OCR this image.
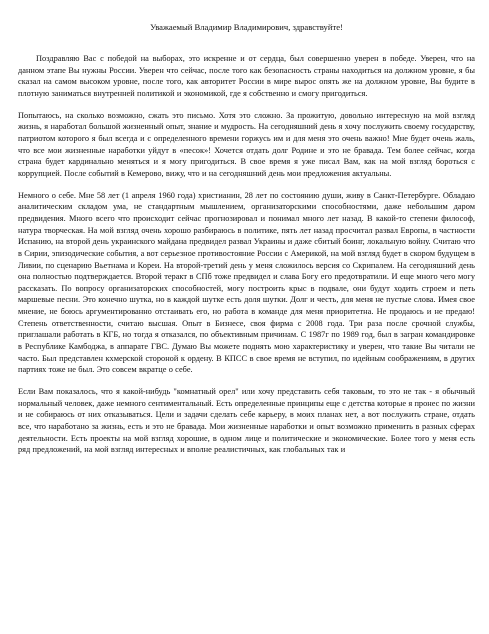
Уважаемый Владимир Владимирович, здравствуйте!

Поздравляю Вас с победой на выборах, это искренне и от сердца, был совершенно уверен в победе. Уверен, что на данном этапе Вы нужны России. Уверен что сейчас, после того как безопасность страны находиться на должном уровне, я бы сказал на самом высоком уровне, после того, как авторитет России в мире вырос опять же на должном уровне, Вы будите в плотную заниматься внутренней политикой и экономикой, где я собственно и смогу пригодиться.

Попытаюсь, на сколько возможно, сжать это письмо. Хотя это сложно. За прожитую, довольно интересную на мой взгляд жизнь, я наработал большой жизненный опыт, знание и мудрость. На сегодняшний день я хочу послужить своему государству, патриотом которого я был всегда и с определенного времени горжусь им и для меня это очень важно! Мне будет очень жаль, что все мои жизненные наработки уйдут в «песок»! Хочется отдать долг Родине и это не бравада. Тем более сейчас, когда страна будет кардинально меняться и я могу пригодиться. В свое время я уже писал Вам, как на мой взгляд бороться с коррупцией. После событий в Кемерово, вижу, что и на сегодняшний день мои предложения актуальны.

Немного о себе. Мне 58 лет (1 апреля 1960 года) христианин, 28 лет по состоянию души, живу в Санкт-Петербурге. Обладаю аналитическим складом ума, не стандартным мышлением, организаторскими способностями, даже небольшим даром предвидения. Много всего что происходит сейчас прогнозировал и понимал много лет назад. В какой-то степени философ, натура творческая. На мой взгляд очень хорошо разбираюсь в политике, пять лет назад просчитал развал Европы, в частности Испанию, на второй день украинского майдана предвидел развал Украины и даже сбитый боинг, локальную войну. Считаю что в Сирии, эпизодические события, а вот серьезное противостояние России с Америкой, на мой взгляд будет в скором будущем в Ливии, по сценарию Вьетнама и Кореи. На второй-третий день у меня сложилось версия со Скрипалем. На сегодняшний день она полностью подтверждается. Второй теракт в СПб тоже предвидел и слава Богу его предотвратили. И еще много чего могу рассказать. По вопросу организаторских способностей, могу построить крыс в подвале, они будут ходить строем и петь маршевые песни. Это конечно шутка, но в каждой шутке есть доля шутки. Долг и честь, для меня не пустые слова. Имея свое мнение, не боюсь аргументированно отстаивать его, но работа в команде для меня приоритетна. Не продаюсь и не предаю! Степень ответственности, считаю высшая. Опыт в Бизнесе, своя фирма с 2008 года. Три раза после срочной службы, приглашали работать в КГБ, но тогда я отказался, по объективным причинам. С 1987г по 1989 год, был в загран командировке в Республике Камбоджа, в аппарате ГВС. Думаю Вы можете поднять мою характеристику и уверен, что такие Вы читали не часто. Был представлен кхмерской стороной к ордену. В КПСС в свое время не вступил, по идейным соображениям, в других партиях тоже не был. Это совсем вкратце о себе.

Если Вам показалось, что я какой-нибудь "комнатный орел" или хочу представить себя таковым, то это не так - я обычный нормальный человек, даже немного сентиментальный. Есть определенные принципы еще с детства которые я пронес по жизни и не собираюсь от них отказываться. Цели и задачи сделать себе карьеру, в моих планах нет, а вот послужить стране, отдать все, что наработано за жизнь, есть и это не бравада. Мои жизненные наработки и опыт возможно применить в разных сферах деятельности. Есть проекты на мой взгляд хорошие, в одном лице и политические и экономические. Более того у меня есть ряд предложений, на мой взгляд интересных и вполне реалистичных, как глобальных так и
